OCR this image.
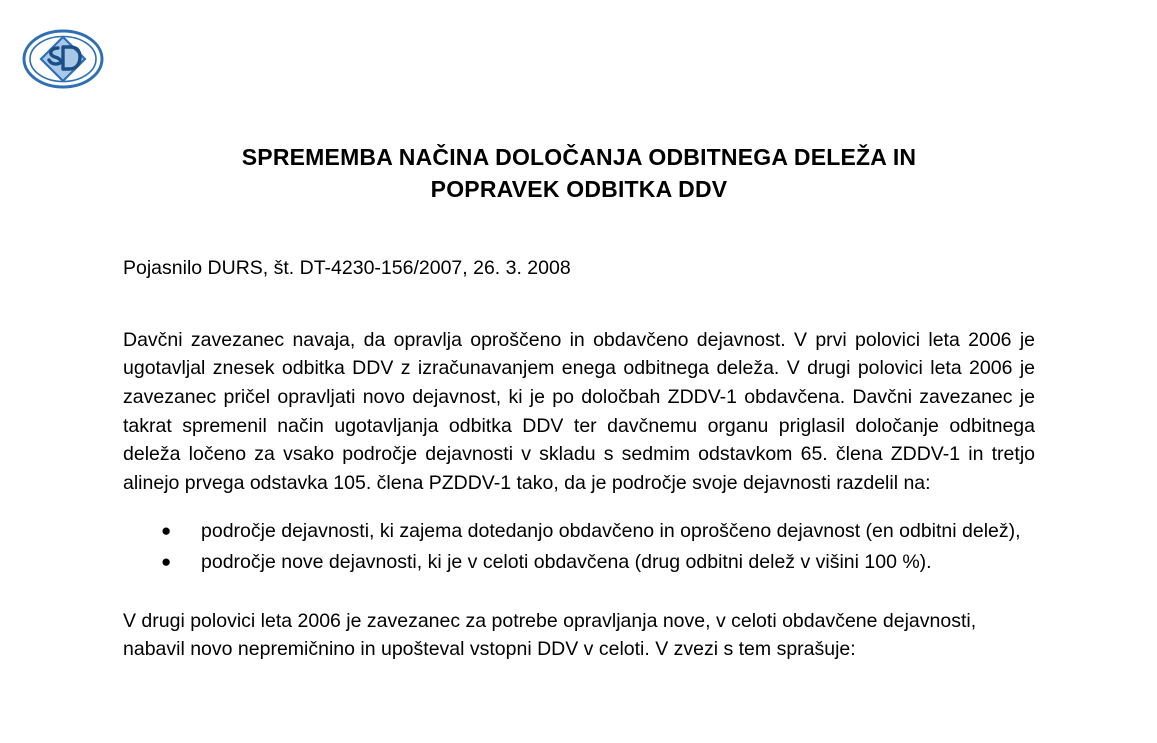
SPREMEMBA NAČINA DOLOČANJA ODBITNEGA DELEŽA IN
POPRAVEK ODBITKA DDV
Pojasnilo DURS, št. DT-4230-156/2007, 26. 3. 2008

Davčni zavezanec navaja, da opravlja oproščeno in obdavčeno dejavnost. V prvi polovici leta 2006 je ugotavljal znesek odbitka DDV z izračunavanjem enega odbitnega deleža. V drugi polovici leta 2006 je zavezanec pričel opravljati novo dejavnost, ki je po določbah ZDDV-1 obdavčena. Davčni zavezanec je takrat spremenil način ugotavljanja odbitka DDV ter davčnemu organu priglasil določanje odbitnega deleža ločeno za vsako področje dejavnosti v skladu s sedmim odstavkom 65. člena ZDDV-1 in tretjo alinejo prvega odstavka 105. člena PZDDV-1 tako, da je področje svoje dejavnosti razdelil na:

● področje dejavnosti, ki zajema dotedanjo obdavčeno in oproščeno dejavnost (en odbitni delež),
● področje nove dejavnosti, ki je v celoti obdavčena (drug odbitni delež v višini 100 %).

V drugi polovici leta 2006 je zavezanec za potrebe opravljanja nove, v celoti obdavčene dejavnosti, nabavil novo nepremičnino in upošteval vstopni DDV v celoti. V zvezi s tem sprašuje:
